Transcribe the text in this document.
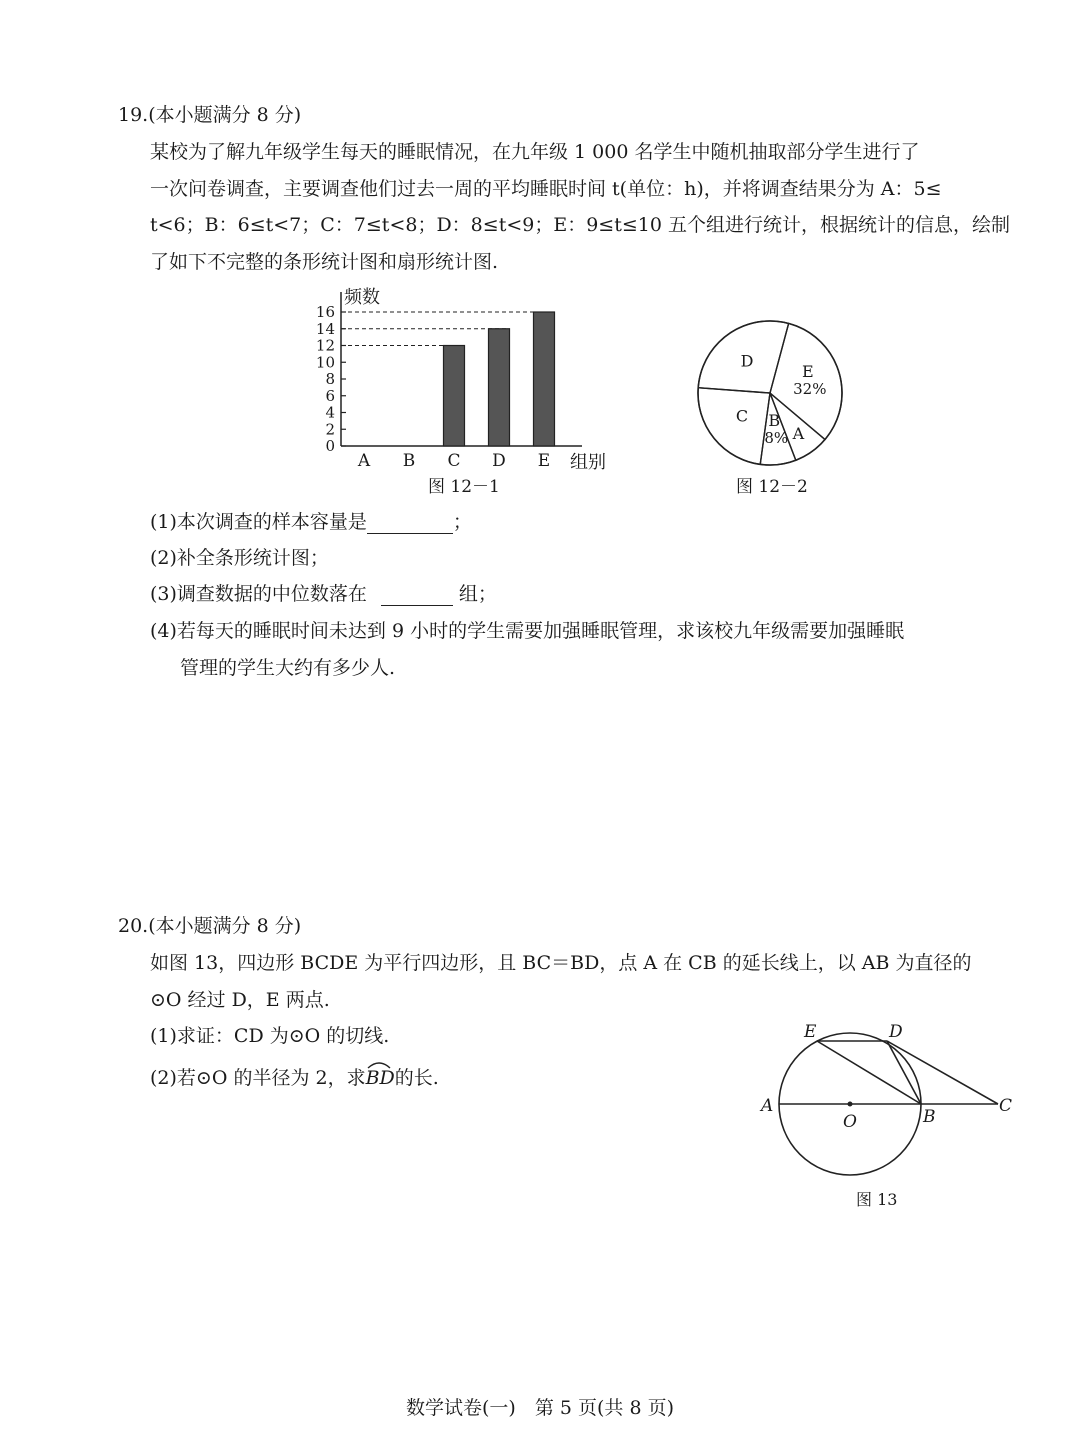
19.(本小题满分 8 分)
某校为了解九年级学生每天的睡眠情况，在九年级 1 000 名学生中随机抽取部分学生进行了
一次问卷调查，主要调查他们过去一周的平均睡眠时间 t(单位：h)，并将调查结果分为 A：5≤
t<6；B：6≤t<7；C：7≤t<8；D：8≤t<9；E：9≤t≤10 五个组进行统计，根据统计的信息，绘制
了如下不完整的条形统计图和扇形统计图.
频数
组别
0
2
4
6
8
10
12
14
16
A B C D E
图 12－1
E
32%
A
B
8%
C
D
图 12－2
(1)本次调查的样本容量是	；
(2)补全条形统计图；
(3)调查数据的中位数落在	组；
(4)若每天的睡眠时间未达到 9 小时的学生需要加强睡眠管理，求该校九年级需要加强睡眠
管理的学生大约有多少人.
20.(本小题满分 8 分)
如图 13，四边形 BCDE 为平行四边形，且 BC＝BD，点 A 在 CB 的延长线上，以 AB 为直径的
⊙O 经过 D，E 两点.
(1)求证：CD 为⊙O 的切线.
(2)若⊙O 的半径为 2，求
BD的长.
E	D
A
O	B
C
图 13
数学试卷(一)　第 5 页(共 8 页)
